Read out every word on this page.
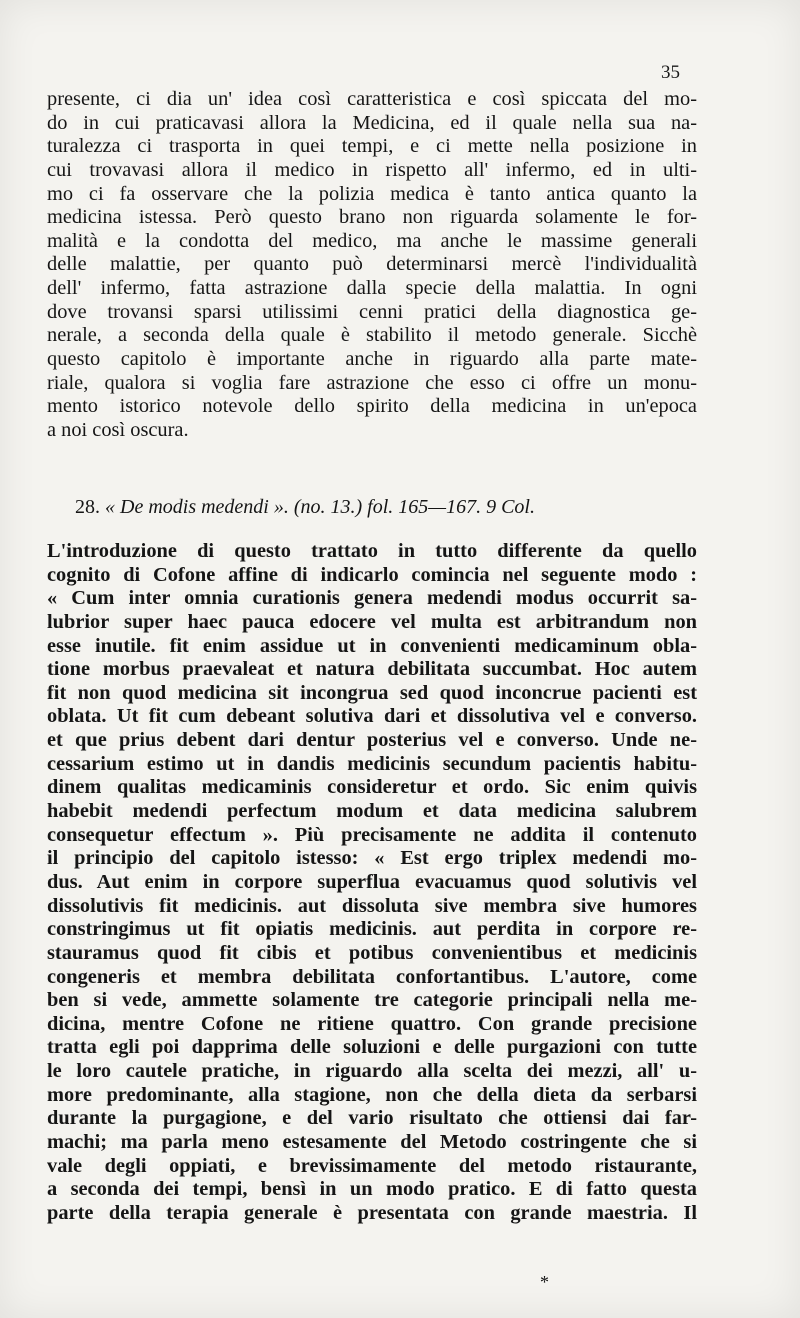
35
presente, ci dia un' idea così caratteristica e così spiccata del mo-
do in cui praticavasi allora la Medicina, ed il quale nella sua na-
turalezza ci trasporta in quei tempi, e ci mette nella posizione in
cui trovavasi allora il medico in rispetto all' infermo, ed in ulti-
mo ci fa osservare che la polizia medica è tanto antica quanto la
medicina istessa. Però questo brano non riguarda solamente le for-
malità e la condotta del medico, ma anche le massime generali
delle malattie, per quanto può determinarsi mercè l'individualità
dell' infermo, fatta astrazione dalla specie della malattia. In ogni
dove trovansi sparsi utilissimi cenni pratici della diagnostica ge-
nerale, a seconda della quale è stabilito il metodo generale. Sicchè
questo capitolo è importante anche in riguardo alla parte mate-
riale, qualora si voglia fare astrazione che esso ci offre un monu-
mento istorico notevole dello spirito della medicina in un'epoca
a noi così oscura.
28. « De modis medendi ». (no. 13.) fol. 165—167. 9 Col.
L'introduzione di questo trattato in tutto differente da quello
cognito di Cofone affine di indicarlo comincia nel seguente modo :
« Cum inter omnia curationis genera medendi modus occurrit sa-
lubrior super haec pauca edocere vel multa est arbitrandum non
esse inutile. fit enim assidue ut in convenienti medicaminum obla-
tione morbus praevaleat et natura debilitata succumbat. Hoc autem
fit non quod medicina sit incongrua sed quod inconcrue pacienti est
oblata. Ut fit cum debeant solutiva dari et dissolutiva vel e converso.
et que prius debent dari dentur posterius vel e converso. Unde ne-
cessarium estimo ut in dandis medicinis secundum pacientis habitu-
dinem qualitas medicaminis consideretur et ordo. Sic enim quivis
habebit medendi perfectum modum et data medicina salubrem
consequetur effectum ». Più precisamente ne addita il contenuto
il principio del capitolo istesso: « Est ergo triplex medendi mo-
dus. Aut enim in corpore superflua evacuamus quod solutivis vel
dissolutivis fit medicinis. aut dissoluta sive membra sive humores
constringimus ut fit opiatis medicinis. aut perdita in corpore re-
stauramus quod fit cibis et potibus convenientibus et medicinis
congeneris et membra debilitata confortantibus. L'autore, come
ben si vede, ammette solamente tre categorie principali nella me-
dicina, mentre Cofone ne ritiene quattro. Con grande precisione
tratta egli poi dapprima delle soluzioni e delle purgazioni con tutte
le loro cautele pratiche, in riguardo alla scelta dei mezzi, all' u-
more predominante, alla stagione, non che della dieta da serbarsi
durante la purgagione, e del vario risultato che ottiensi dai far-
machi; ma parla meno estesamente del Metodo costringente che si
vale degli oppiati, e brevissimamente del metodo ristaurante,
a seconda dei tempi, bensì in un modo pratico. E di fatto questa
parte della terapia generale è presentata con grande maestria. Il
*
